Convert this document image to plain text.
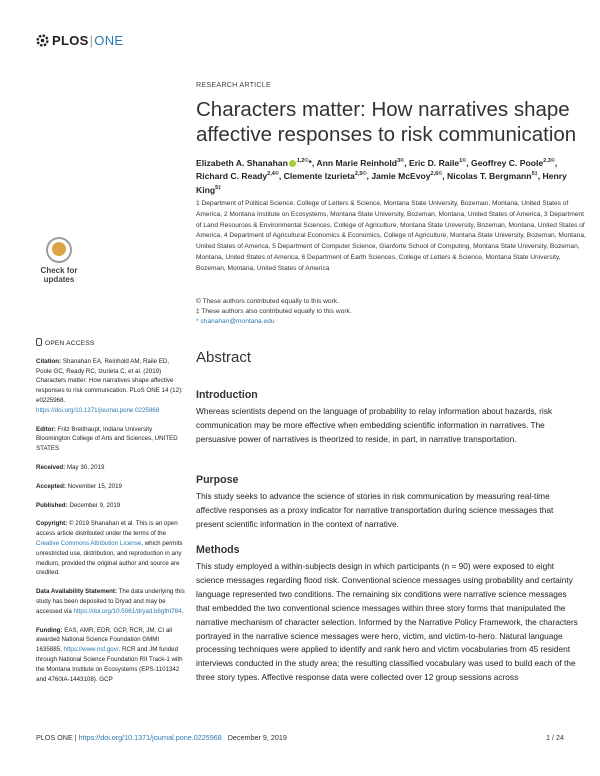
PLOS|ONE
RESEARCH ARTICLE
Characters matter: How narratives shape affective responses to risk communication
Elizabeth A. Shanahan $^{1,2©}$*, Ann Marie Reinhold$^{3©}$, Eric D. Raile$^{1©}$, Geoffrey C. Poole$^{2,3©}$, Richard C. Ready$^{2,4©}$, Clemente Izurieta$^{2,5©}$, Jamie McEvoy$^{2,6©}$, Nicolas T. Bergmann$^{5\ddagger}$, Henry King$^{5\ddagger}$
1 Department of Political Science, College of Letters & Science, Montana State University, Bozeman, Montana, United States of America, 2 Montana Institute on Ecosystems, Montana State University, Bozeman, Montana, United States of America, 3 Department of Land Resources & Environmental Sciences, College of Agriculture, Montana State University, Bozeman, Montana, United States of America, 4 Department of Agricultural Economics & Economics, College of Agriculture, Montana State University, Bozeman, Montana, United States of America, 5 Department of Computer Science, Gianforte School of Computing, Montana State University, Bozeman, Montana, United States of America, 6 Department of Earth Sciences, College of Letters & Science, Montana State University, Bozeman, Montana, United States of America
© These authors contributed equally to this work.
‡ These authors also contributed equally to this work.
* shanahan@montana.edu
Check for
updates

OPEN ACCESS

Citation: Shanahan EA, Reinhold AM, Raile ED, Poole GC, Ready RC, Izurieta C, et al. (2019) Characters matter: How narratives shape affective responses to risk communication. PLoS ONE 14 (12): e0225968. https://doi.org/10.1371/journal.pone.0225968

Editor: Fritz Breithaupt, Indiana University Bloomington College of Arts and Sciences, UNITED STATES

Received: May 30, 2019

Accepted: November 15, 2019

Published: December 9, 2019

Copyright: © 2019 Shanahan et al. This is an open access article distributed under the terms of the Creative Commons Attribution License, which permits unrestricted use, distribution, and reproduction in any medium, provided the original author and source are credited.

Data Availability Statement: The data underlying this study has been deposited to Dryad and may be accessed via https://doi.org/10.5061/dryad.b8gtht784.

Funding: EAS, AMR, EDR, GCP, RCR, JM, CI all awarded National Science Foundation GMMI 1635885, https://www.nsf.gov/. RCR and JM funded through National Science Foundation RII Track-1 with the Montana Institute on Ecosystems (EPS-1101342 and 4760IA-1443108). GCP

Abstract
Introduction

Whereas scientists depend on the language of probability to relay information about hazards, risk communication may be more effective when embedding scientific information in narratives. The persuasive power of narratives is theorized to reside, in part, in narrative transportation.

Purpose

This study seeks to advance the science of stories in risk communication by measuring real-time affective responses as a proxy indicator for narrative transportation during science messages that present scientific information in the context of narrative.

Methods

This study employed a within-subjects design in which participants (n = 90) were exposed to eight science messages regarding flood risk. Conventional science messages using probability and certainty language represented two conditions. The remaining six conditions were narrative science messages that embedded the two conventional science messages within three story forms that manipulated the narrative mechanism of character selection. Informed by the Narrative Policy Framework, the characters portrayed in the narrative science messages were hero, victim, and victim-to-hero. Natural language processing techniques were applied to identify and rank hero and victim vocabularies from 45 resident interviews conducted in the study area; the resulting classified vocabulary was used to build each of the three story types. Affective response data were collected over 12 group sessions across

PLOS ONE | https://doi.org/10.1371/journal.pone.0225968 December 9, 2019	1 / 24
